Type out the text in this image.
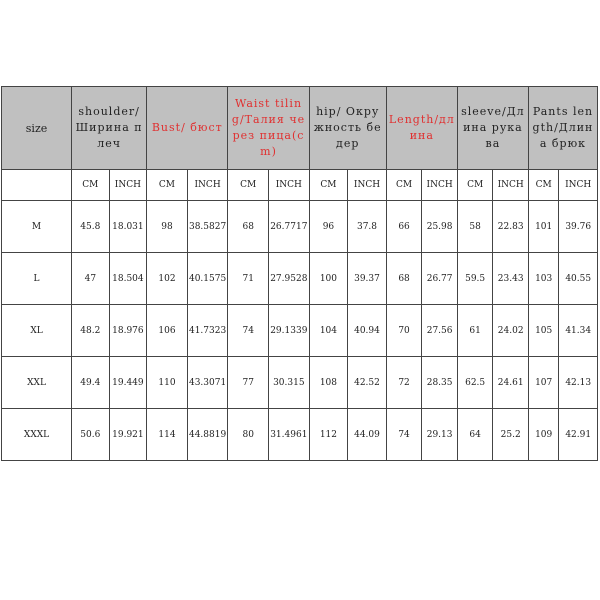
size	shoulder/Ширина плеч		Bust/ бюст		Waist tiling/Талия через пица(cm)		hip/ Окружность бедер		Length/длина		sleeve/Длина рукава		Pants length/Длина брюк	

	CM	INCH	CM	INCH	CM	INCH	CM	INCH	CM	INCH	CM	INCH	CM	INCH
M	45.8	18.031	98	38.5827	68	26.7717	96	37.8	66	25.98	58	22.83	101	39.76
L	47	18.504	102	40.1575	71	27.9528	100	39.37	68	26.77	59.5	23.43	103	40.55
XL	48.2	18.976	106	41.7323	74	29.1339	104	40.94	70	27.56	61	24.02	105	41.34
XXL	49.4	19.449	110	43.3071	77	30.315	108	42.52	72	28.35	62.5	24.61	107	42.13
XXXL	50.6	19.921	114	44.8819	80	31.4961	112	44.09	74	29.13	64	25.2	109	42.91
